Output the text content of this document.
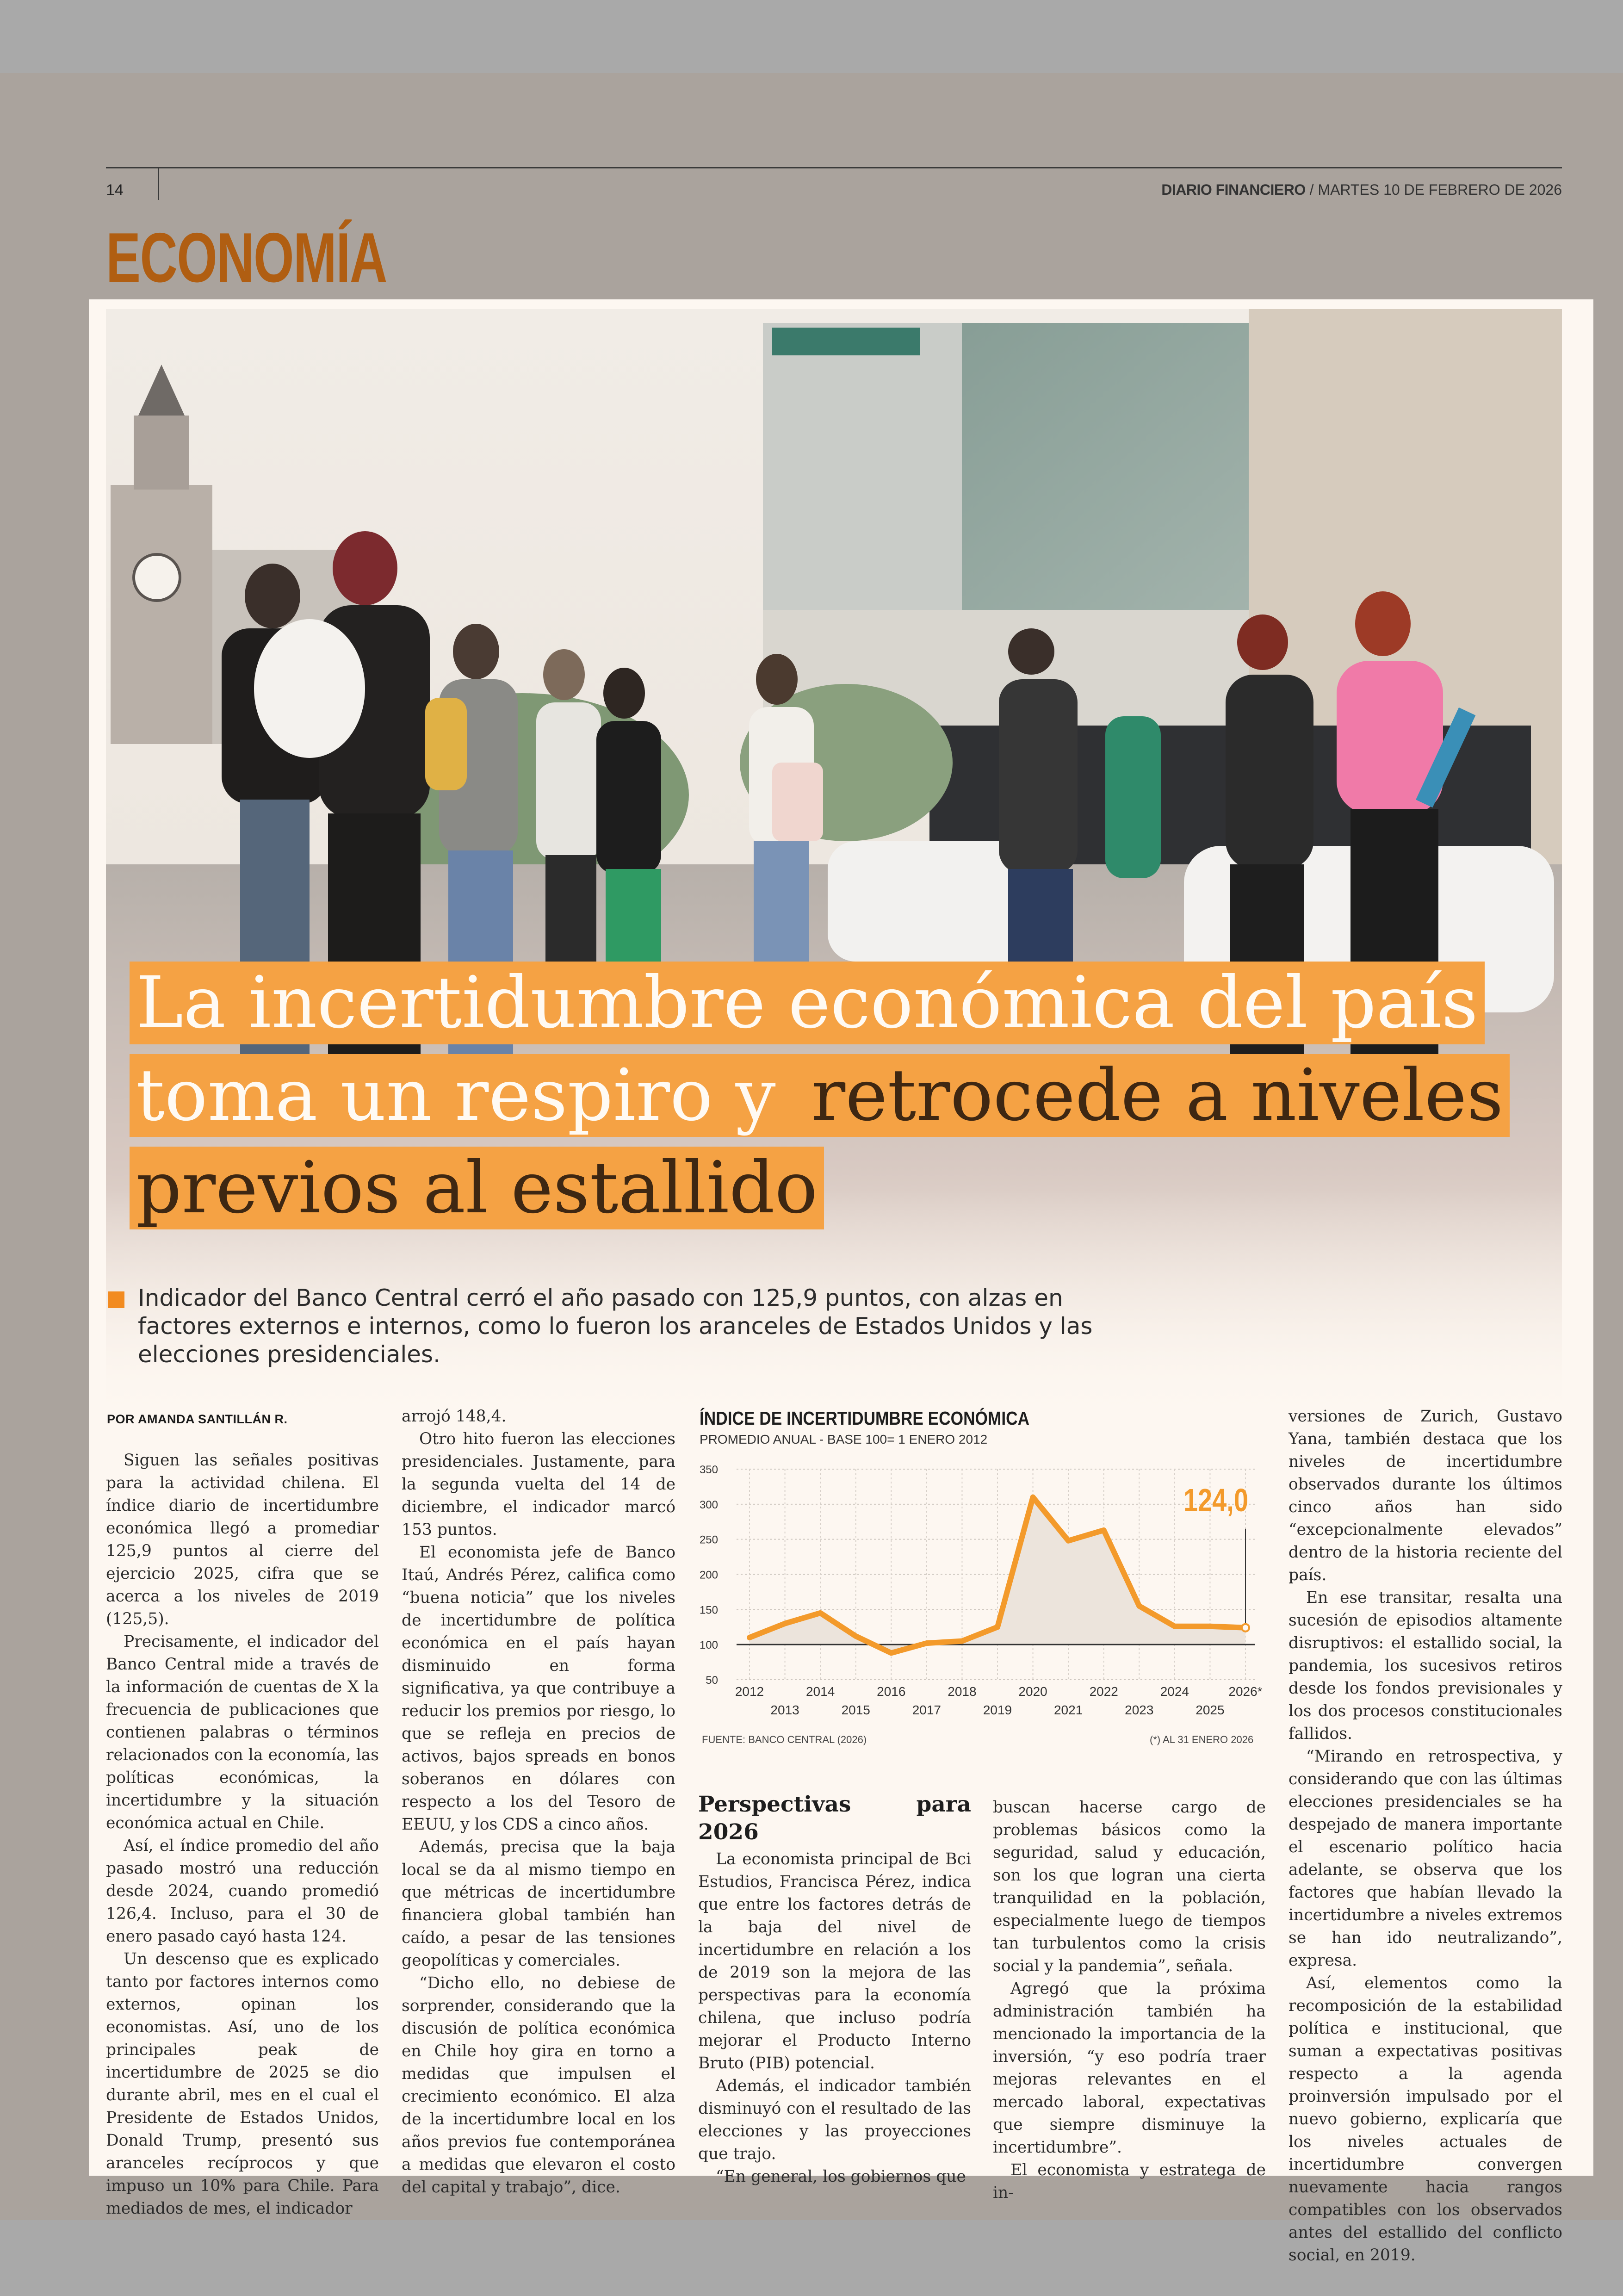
14	DIARIO FINANCIERO / MARTES 10 DE FEBRERO DE 2026
ECONOMÍA
La incertidumbre económica del país toma un respiro y retrocede a niveles previos al estallido
Indicador del Banco Central cerró el año pasado con 125,9 puntos, con alzas en factores externos e internos, como lo fueron los aranceles de Estados Unidos y las elecciones presidenciales.
POR AMANDA SANTILLÁN R.

Siguen las señales positivas para la actividad chilena. El índice diario de incertidumbre económica llegó a promediar 125,9 puntos al cierre del ejercicio 2025, cifra que se acerca a los niveles de 2019 (125,5).

Precisamente, el indicador del Banco Central mide a través de la información de cuentas de X la frecuencia de publicaciones que contienen palabras o términos relacionados con la economía, las políticas económicas, la incertidumbre y la situación económica actual en Chile.

Así, el índice promedio del año pasado mostró una reducción desde 2024, cuando promedió 126,4. Incluso, para el 30 de enero pasado cayó hasta 124.

Un descenso que es explicado tanto por factores internos como externos, opinan los economistas. Así, uno de los principales peak de incertidumbre de 2025 se dio durante abril, mes en el cual el Presidente de Estados Unidos, Donald Trump, presentó sus aranceles recíprocos y que impuso un 10% para Chile. Para mediados de mes, el indicador

arrojó 148,4.

Otro hito fueron las elecciones presidenciales. Justamente, para la segunda vuelta del 14 de diciembre, el indicador marcó 153 puntos.

El economista jefe de Banco Itaú, Andrés Pérez, califica como “buena noticia” que los niveles de incertidumbre de política económica en el país hayan disminuido en forma significativa, ya que contribuye a reducir los premios por riesgo, lo que se refleja en precios de activos, bajos spreads en bonos soberanos en dólares con respecto a los del Tesoro de EEUU, y los CDS a cinco años.

Además, precisa que la baja local se da al mismo tiempo en que métricas de incertidumbre financiera global también han caído, a pesar de las tensiones geopolíticas y comerciales.

“Dicho ello, no debiese de sorprender, considerando que la discusión de política económica en Chile hoy gira en torno a medidas que impulsen el crecimiento económico. El alza de la incertidumbre local en los años previos fue contemporánea a medidas que elevaron el costo del capital y trabajo”, dice.

ÍNDICE DE INCERTIDUMBRE ECONÓMICA
PROMEDIO ANUAL - BASE 100= 1 ENERO 2012
124,0
350
300
250
200
150
100
50
2012
2013
2014
2015
2016
2017
2018
2019
2020
2021
2022
2023
2024
2025
2026*
FUENTE: BANCO CENTRAL (2026)	(*) AL 31 ENERO 2026
Perspectivas para 2026

La economista principal de Bci Estudios, Francisca Pérez, indica que entre los factores detrás de la baja del nivel de incertidumbre en relación a los de 2019 son la mejora de las perspectivas para la economía chilena, que incluso podría mejorar el Producto Interno Bruto (PIB) potencial.

Además, el indicador también disminuyó con el resultado de las elecciones y las proyecciones que trajo.

“En general, los gobiernos que

buscan hacerse cargo de problemas básicos como la seguridad, salud y educación, son los que logran una cierta tranquilidad en la población, especialmente luego de tiempos tan turbulentos como la crisis social y la pandemia”, señala.

Agregó que la próxima administración también ha mencionado la importancia de la inversión, “y eso podría traer mejoras relevantes en el mercado laboral, expectativas que siempre disminuye la incertidumbre”.

El economista y estratega de in-

versiones de Zurich, Gustavo Yana, también destaca que los niveles de incertidumbre observados durante los últimos cinco años han sido “excepcionalmente elevados” dentro de la historia reciente del país.

En ese transitar, resalta una sucesión de episodios altamente disruptivos: el estallido social, la pandemia, los sucesivos retiros desde los fondos previsionales y los dos procesos constitucionales fallidos.

“Mirando en retrospectiva, y considerando que con las últimas elecciones presidenciales se ha despejado de manera importante el escenario político hacia adelante, se observa que los factores que habían llevado la incertidumbre a niveles extremos se han ido neutralizando”, expresa.

Así, elementos como la recomposición de la estabilidad política e institucional, que suman a expectativas positivas respecto a la agenda proinversión impulsado por el nuevo gobierno, explicaría que los niveles actuales de incertidumbre convergen nuevamente hacia rangos compatibles con los observados antes del estallido del conflicto social, en 2019.
